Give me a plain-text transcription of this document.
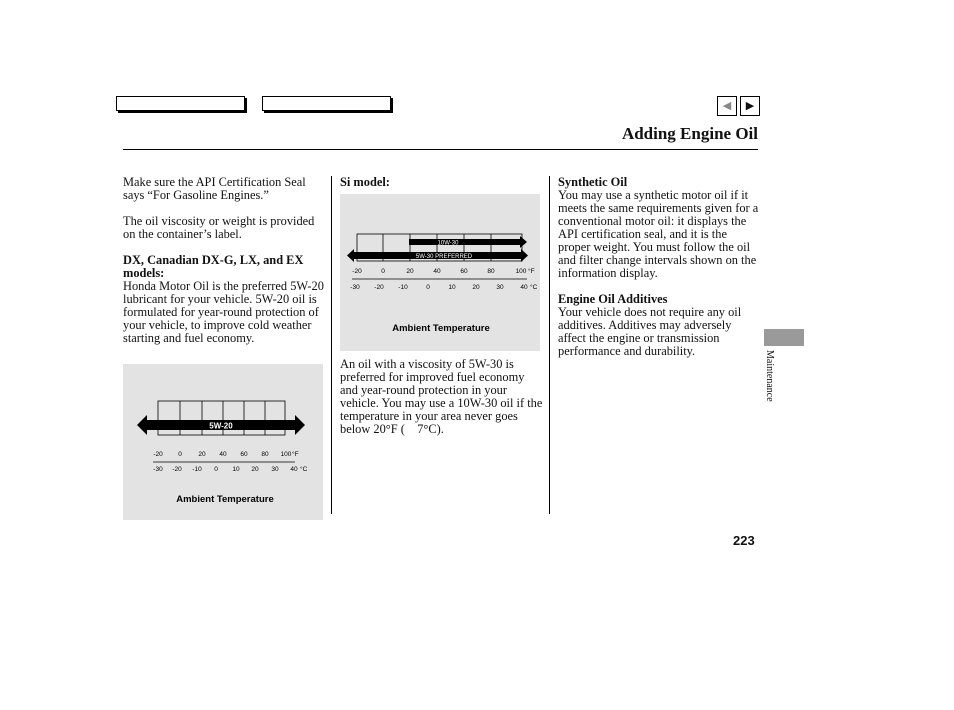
◀	▶
Adding Engine Oil

Make sure the API Certification Seal says “For Gasoline Engines.”

The oil viscosity or weight is provided on the container’s label.

DX, Canadian DX-G, LX, and EX models:

Honda Motor Oil is the preferred 5W-20 lubricant for your vehicle. 5W-20 oil is formulated for year-round protection of your vehicle, to improve cold weather starting and fuel economy.

5W-20
-20 0	20 40 60 80 100 °F
-30 -20 -10 0 10 20 30 40 °C
Ambient Temperature

Si model:

10W-30
5W-30 PREFERRED
-20	0	20	40	60	80	100 °F
-30 -20 -10	0	10	20	30	40 °C
Ambient Temperature

An oil with a viscosity of 5W-30 is preferred for improved fuel economy and year-round protection in your vehicle. You may use a 10W-30 oil if the temperature in your area never goes below 20°F (    7°C).

Synthetic Oil

You may use a synthetic motor oil if it meets the same requirements given for a conventional motor oil: it displays the API certification seal, and it is the proper weight. You must follow the oil and filter change intervals shown on the information display.

Engine Oil Additives

Your vehicle does not require any oil additives. Additives may adversely affect the engine or transmission performance and durability.	Maintenance
223
